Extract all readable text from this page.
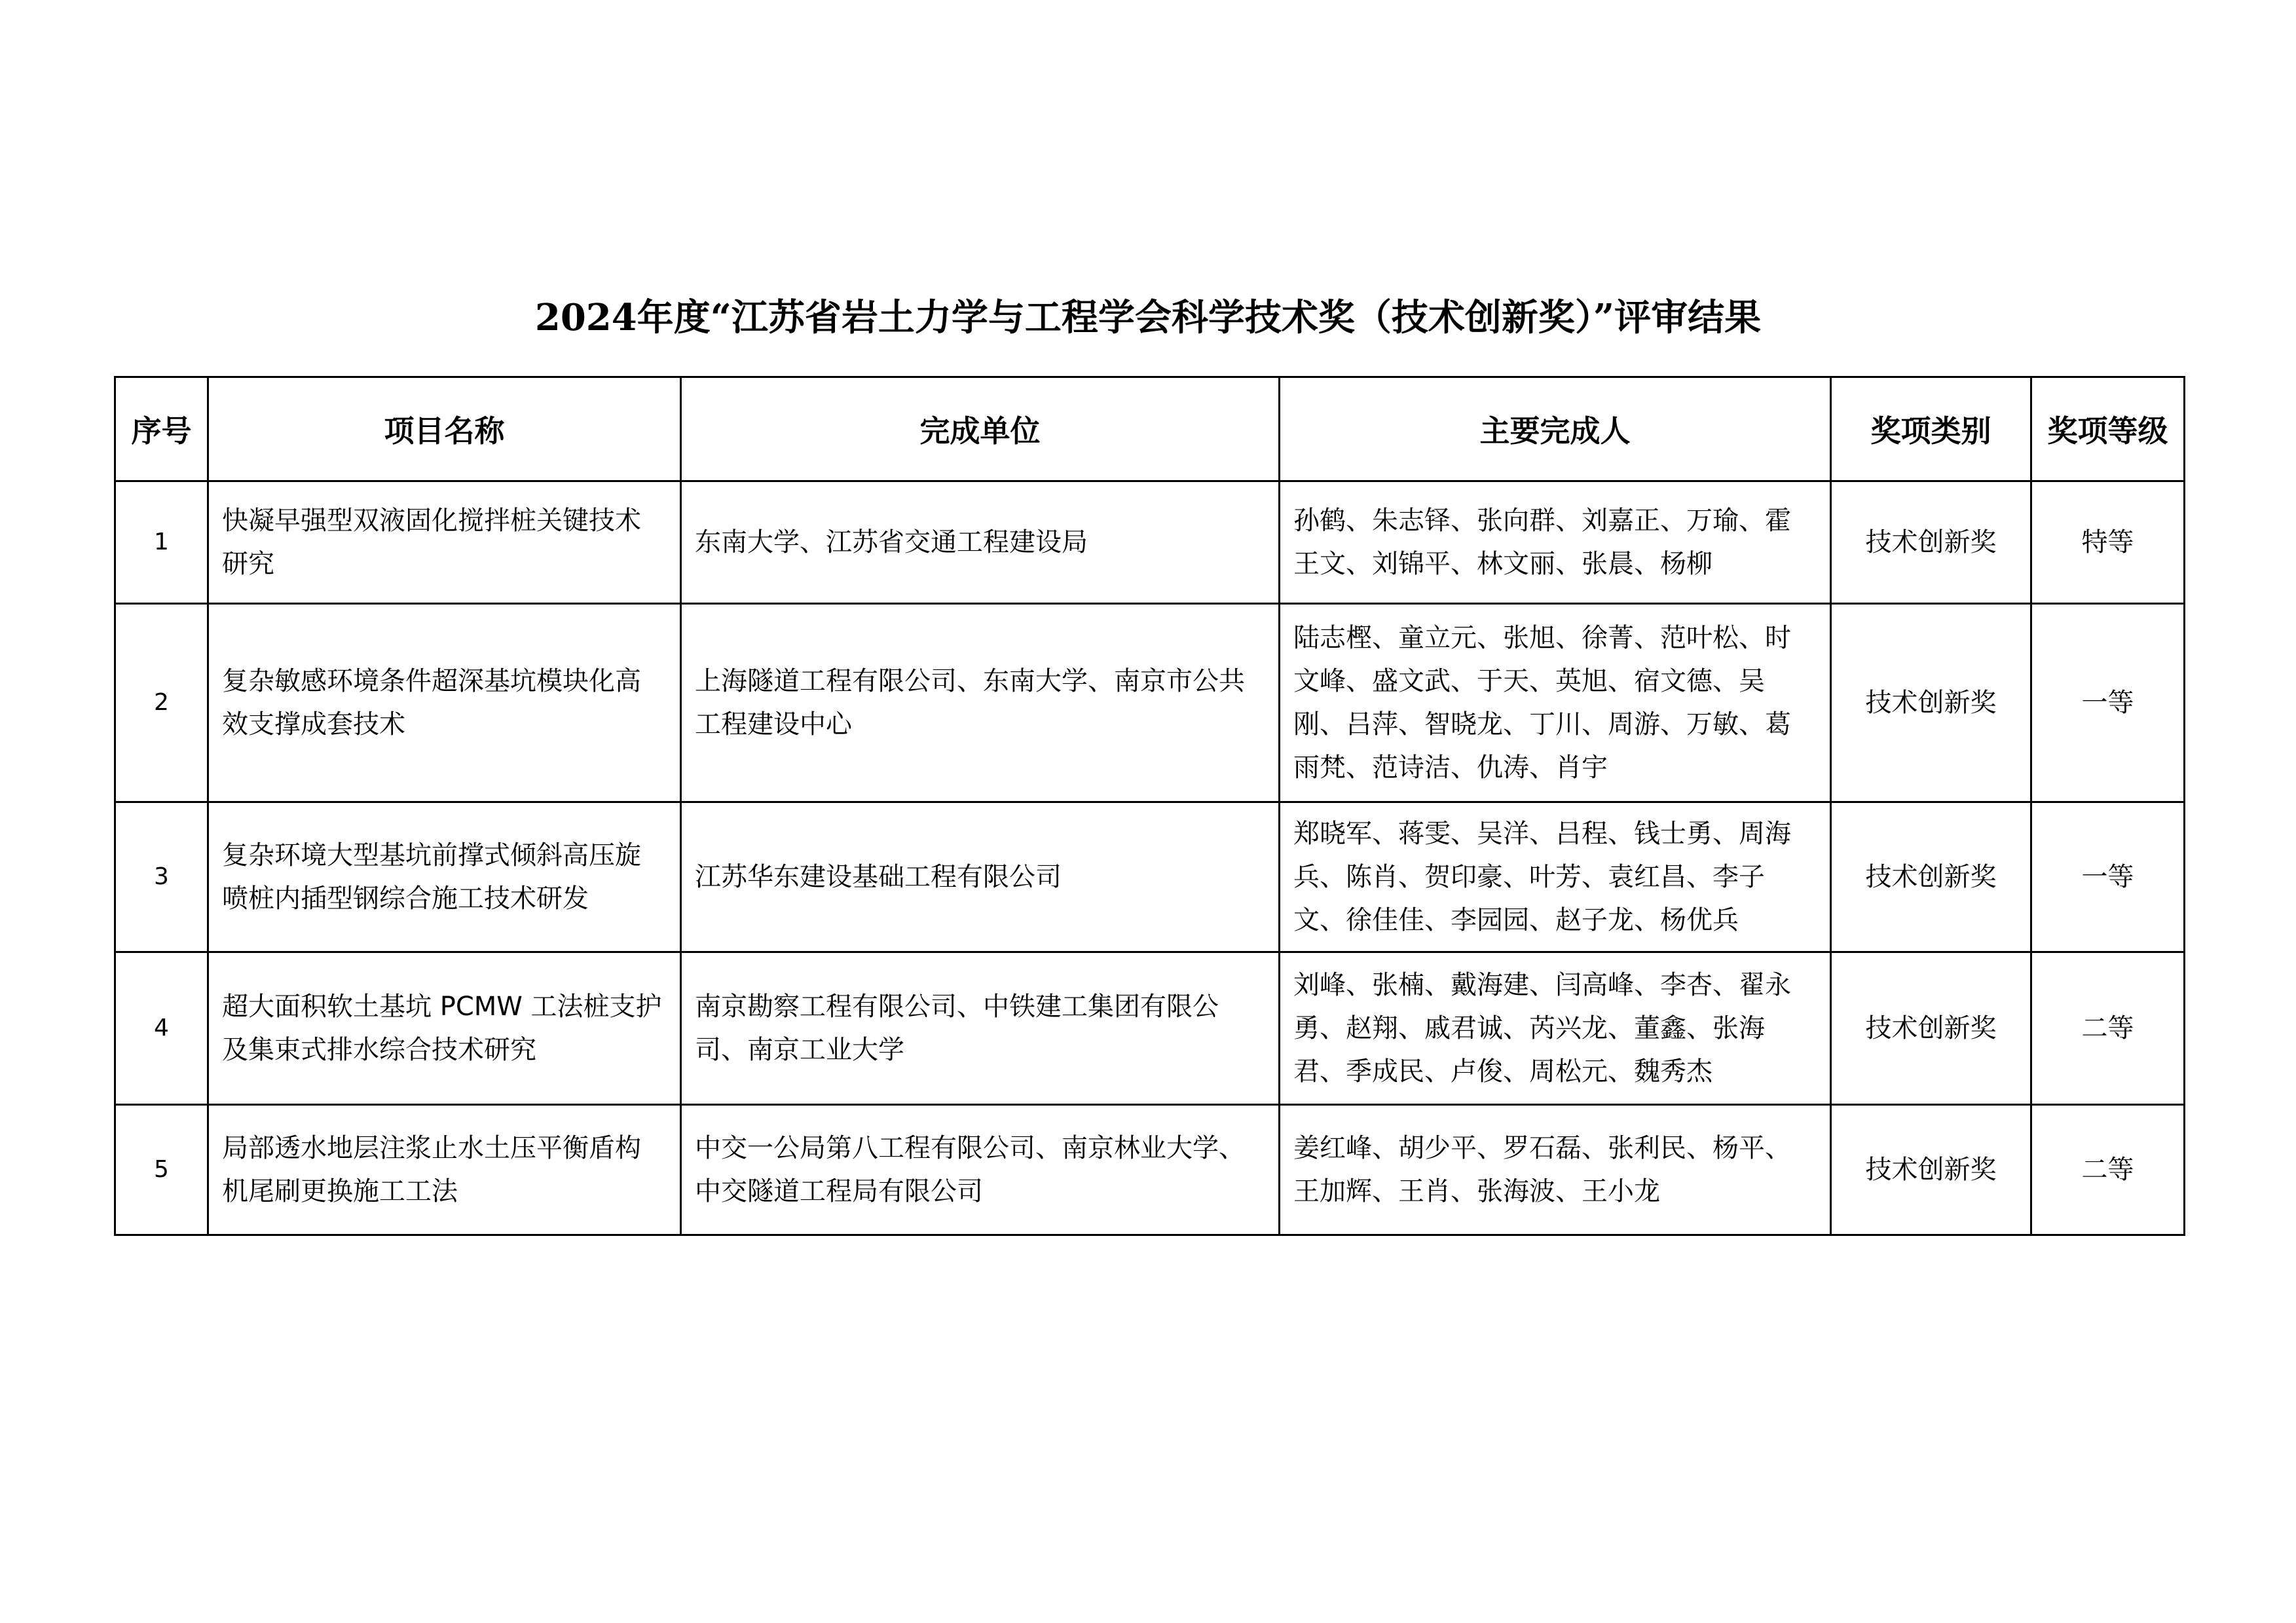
2024年度“江苏省岩土力学与工程学会科学技术奖（技术创新奖）”评审结果
序号	项目名称	完成单位	主要完成人	奖项类别	奖项等级
1	快凝早强型双液固化搅拌桩关键技术研究	东南大学、江苏省交通工程建设局	孙鹤、朱志铎、张向群、刘嘉正、万瑜、霍王文、刘锦平、林文丽、张晨、杨柳	技术创新奖	特等
2	复杂敏感环境条件超深基坑模块化高效支撑成套技术	上海隧道工程有限公司、东南大学、南京市公共工程建设中心	陆志樫、童立元、张旭、徐菁、范叶松、时文峰、盛文武、于天、英旭、宿文德、吴刚、吕萍、智晓龙、丁川、周游、万敏、葛雨梵、范诗洁、仇涛、肖宇	技术创新奖	一等
3	复杂环境大型基坑前撑式倾斜高压旋喷桩内插型钢综合施工技术研发	江苏华东建设基础工程有限公司	郑晓军、蒋雯、吴洋、吕程、钱士勇、周海兵、陈肖、贺印豪、叶芳、袁红昌、李子文、徐佳佳、李园园、赵子龙、杨优兵	技术创新奖	一等
4	超大面积软土基坑 PCMW 工法桩支护及集束式排水综合技术研究	南京勘察工程有限公司、中铁建工集团有限公司、南京工业大学	刘峰、张楠、戴海建、闫高峰、李杏、翟永勇、赵翔、戚君诚、芮兴龙、董鑫、张海君、季成民、卢俊、周松元、魏秀杰	技术创新奖	二等
5	局部透水地层注浆止水土压平衡盾构机尾刷更换施工工法	中交一公局第八工程有限公司、南京林业大学、中交隧道工程局有限公司	姜红峰、胡少平、罗石磊、张利民、杨平、王加辉、王肖、张海波、王小龙	技术创新奖	二等
